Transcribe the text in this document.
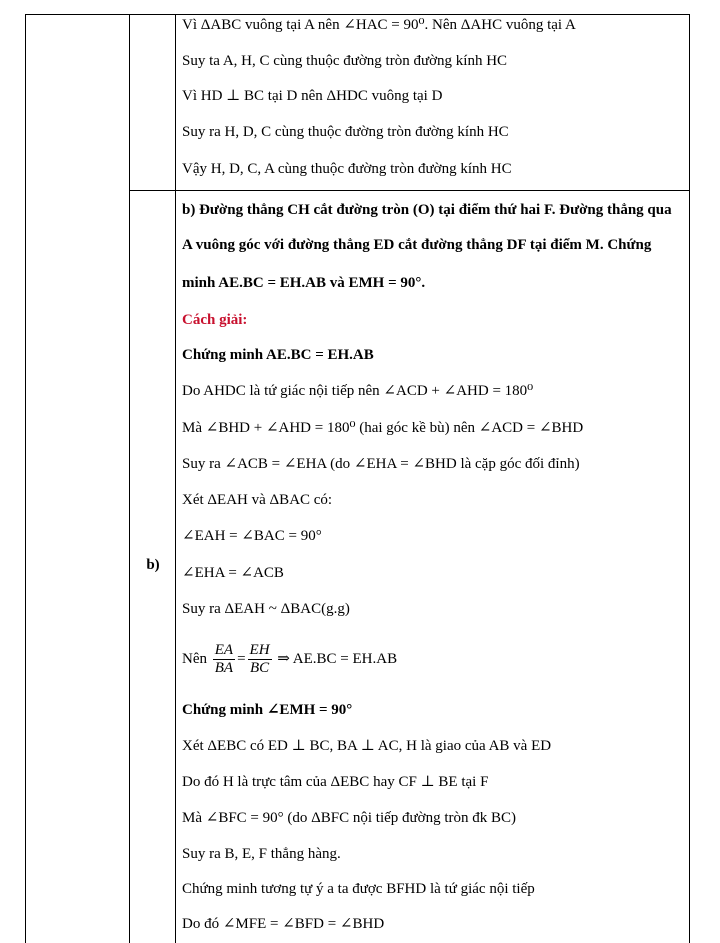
Vì ΔABC vuông tại A nên ∠HAC = 90⁰. Nên ΔAHC vuông tại A
Suy ta A, H, C cùng thuộc đường tròn đường kính HC
Vì HD ⊥ BC tại D nên ΔHDC vuông tại D
Suy ra H, D, C cùng thuộc đường tròn đường kính HC
Vậy H, D, C, A cùng thuộc đường tròn đường kính HC
b)
b) Đường thẳng CH cắt đường tròn (O) tại điểm thứ hai F. Đường thẳng qua
A vuông góc với đường thẳng ED cắt đường thẳng DF tại điểm M. Chứng
minh AE.BC = EH.AB và EMH = 90°.
Cách giải:
Chứng minh AE.BC = EH.AB
Do AHDC là tứ giác nội tiếp nên ∠ACD + ∠AHD = 180⁰
Mà ∠BHD + ∠AHD = 180⁰ (hai góc kề bù) nên ∠ACD = ∠BHD
Suy ra ∠ACB = ∠EHA (do ∠EHA = ∠BHD là cặp góc đối đỉnh)
Xét ΔEAH và ΔBAC có:
∠EAH = ∠BAC = 90°
∠EHA = ∠ACB
Suy ra ΔEAH ~ ΔBAC(g.g)
Nên $\frac{EA}{BA} = \frac{EH}{BC}$ ⇒ AE.BC = EH.AB
Chứng minh ∠EMH = 90°
Xét ΔEBC có ED ⊥ BC, BA ⊥ AC, H là giao của AB và ED
Do đó H là trực tâm của ΔEBC hay CF ⊥ BE tại F
Mà ∠BFC = 90° (do ΔBFC nội tiếp đường tròn đk BC)
Suy ra B, E, F thẳng hàng.
Chứng minh tương tự ý a ta được BFHD là tứ giác nội tiếp
Do đó ∠MFE = ∠BFD = ∠BHD
